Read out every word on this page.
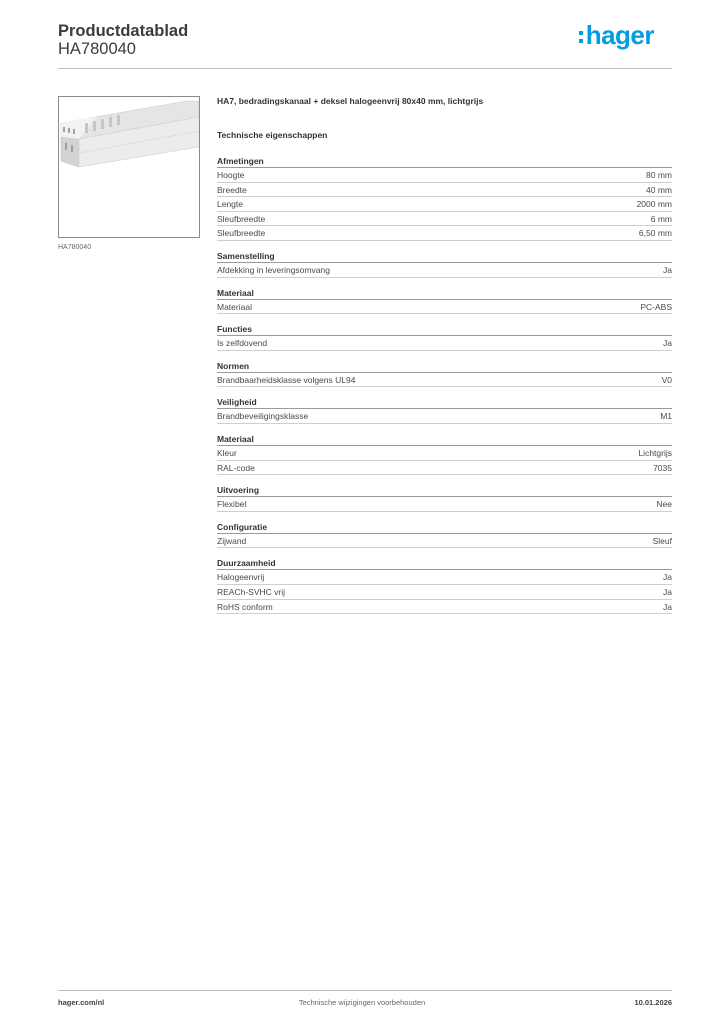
Productdatablad
HA780040	hager
HA780040
HA7, bedradingskanaal + deksel halogeenvrij 80x40 mm, lichtgrijs
Technische eigenschappen
Afmetingen
Hoogte	80 mm
Breedte	40 mm
Lengte	2000 mm
Sleufbreedte	6 mm
Sleufbreedte	6,50 mm
Samenstelling
Afdekking in leveringsomvang	Ja
Materiaal
Materiaal	PC-ABS
Functies
Is zelfdovend	Ja
Normen
Brandbaarheidsklasse volgens UL94	V0
Veiligheid
Brandbeveiligingsklasse	M1
Materiaal
Kleur	Lichtgrijs
RAL-code	7035
Uitvoering
Flexibel	Nee
Configuratie
Zijwand	Sleuf
Duurzaamheid
Halogeenvrij	Ja
REACh-SVHC vrij	Ja
RoHS conform	Ja
hager.com/nl	Technische wijzigingen voorbehouden	10.01.2026
